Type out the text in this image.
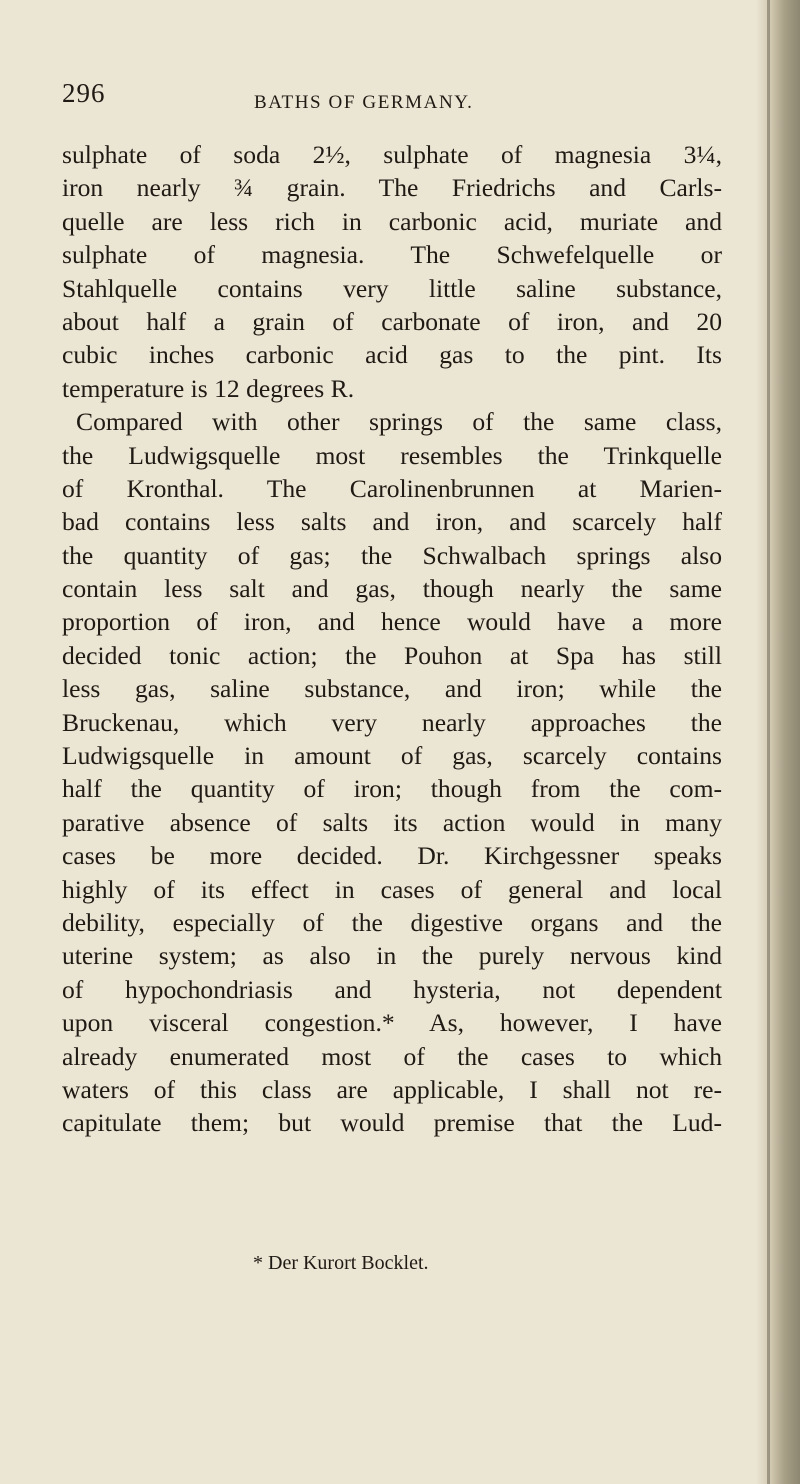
296	BATHS OF GERMANY.
sulphate of soda 2½, sulphate of magnesia 3¼,
iron nearly ¾ grain. The Friedrichs and Carls-
quelle are less rich in carbonic acid, muriate and
sulphate of magnesia. The Schwefelquelle or
Stahlquelle contains very little saline substance,
about half a grain of carbonate of iron, and 20
cubic inches carbonic acid gas to the pint. Its
temperature is 12 degrees R.
Compared with other springs of the same class,
the Ludwigsquelle most resembles the Trinkquelle
of Kronthal. The Carolinenbrunnen at Marien-
bad contains less salts and iron, and scarcely half
the quantity of gas; the Schwalbach springs also
contain less salt and gas, though nearly the same
proportion of iron, and hence would have a more
decided tonic action; the Pouhon at Spa has still
less gas, saline substance, and iron; while the
Bruckenau, which very nearly approaches the
Ludwigsquelle in amount of gas, scarcely contains
half the quantity of iron; though from the com-
parative absence of salts its action would in many
cases be more decided. Dr. Kirchgessner speaks
highly of its effect in cases of general and local
debility, especially of the digestive organs and the
uterine system; as also in the purely nervous kind
of hypochondriasis and hysteria, not dependent
upon visceral congestion.* As, however, I have
already enumerated most of the cases to which
waters of this class are applicable, I shall not re-
capitulate them; but would premise that the Lud-
* Der Kurort Bocklet.
